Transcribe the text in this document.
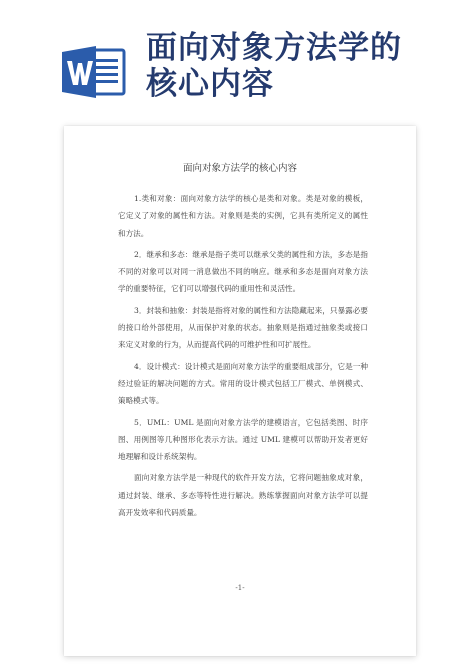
面向对象方法学的
核心内容
面向对象方法学的核心内容

1.类和对象：面向对象方法学的核心是类和对象。类是对象的模板，它定义了对象的属性和方法。对象则是类的实例，它具有类所定义的属性和方法。

2．继承和多态：继承是指子类可以继承父类的属性和方法，多态是指不同的对象可以对同一消息做出不同的响应。继承和多态是面向对象方法学的重要特征，它们可以增强代码的重用性和灵活性。

3．封装和抽象：封装是指将对象的属性和方法隐藏起来，只暴露必要的接口给外部使用，从而保护对象的状态。抽象则是指通过抽象类或接口来定义对象的行为，从而提高代码的可维护性和可扩展性。

4．设计模式：设计模式是面向对象方法学的重要组成部分，它是一种经过验证的解决问题的方式。常用的设计模式包括工厂模式、单例模式、策略模式等。

5．UML：UML 是面向对象方法学的建模语言，它包括类图、时序图、用例图等几种图形化表示方法。通过 UML 建模可以帮助开发者更好地理解和设计系统架构。

面向对象方法学是一种现代的软件开发方法，它将问题抽象成对象，通过封装、继承、多态等特性进行解决。熟练掌握面向对象方法学可以提高开发效率和代码质量。

-1-
